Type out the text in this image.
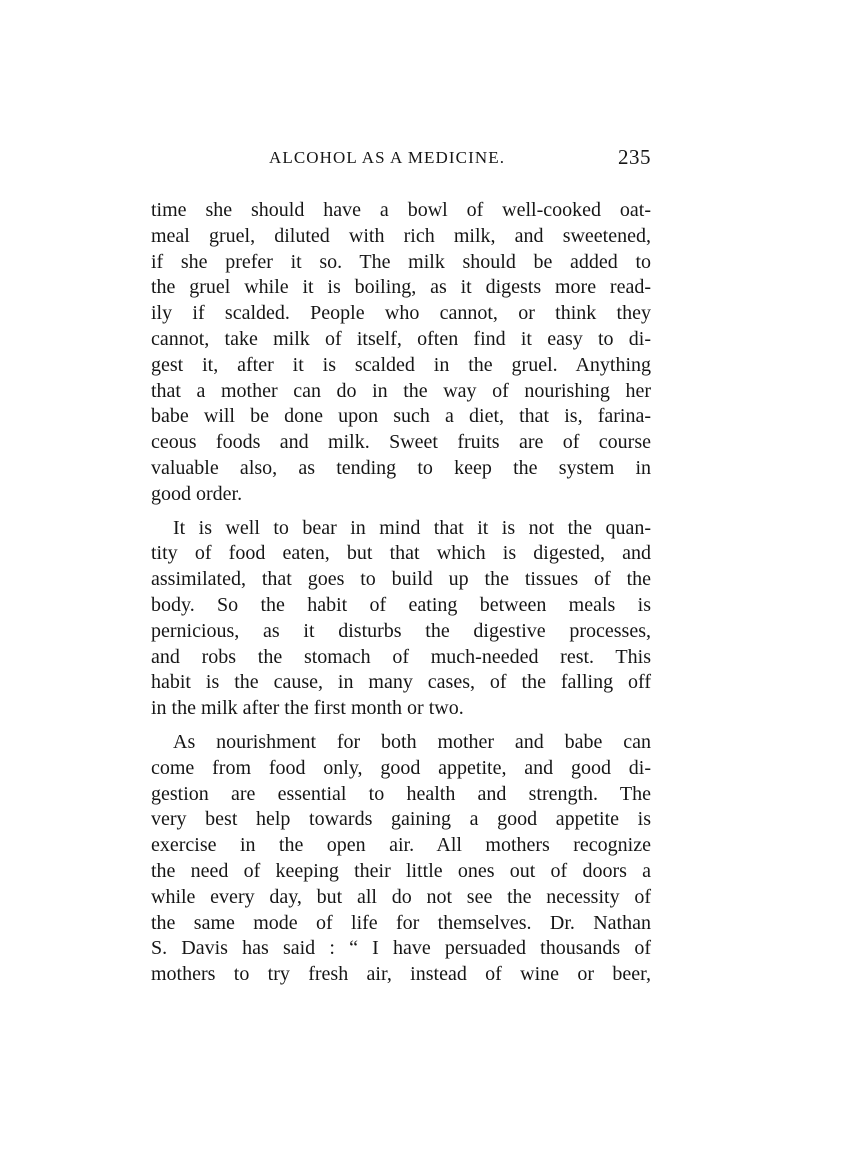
ALCOHOL AS A MEDICINE.	235

time she should have a bowl of well-cooked oat-
meal gruel, diluted with rich milk, and sweetened,
if she prefer it so. The milk should be added to
the gruel while it is boiling, as it digests more read-
ily if scalded. People who cannot, or think they
cannot, take milk of itself, often find it easy to di-
gest it, after it is scalded in the gruel. Anything
that a mother can do in the way of nourishing her
babe will be done upon such a diet, that is, farina-
ceous foods and milk. Sweet fruits are of course
valuable also, as tending to keep the system in
good order.

It is well to bear in mind that it is not the quan-
tity of food eaten, but that which is digested, and
assimilated, that goes to build up the tissues of the
body. So the habit of eating between meals is
pernicious, as it disturbs the digestive processes,
and robs the stomach of much-needed rest. This
habit is the cause, in many cases, of the falling off
in the milk after the first month or two.

As nourishment for both mother and babe can
come from food only, good appetite, and good di-
gestion are essential to health and strength. The
very best help towards gaining a good appetite is
exercise in the open air. All mothers recognize
the need of keeping their little ones out of doors a
while every day, but all do not see the necessity of
the same mode of life for themselves. Dr. Nathan
S. Davis has said : “ I have persuaded thousands of
mothers to try fresh air, instead of wine or beer,
